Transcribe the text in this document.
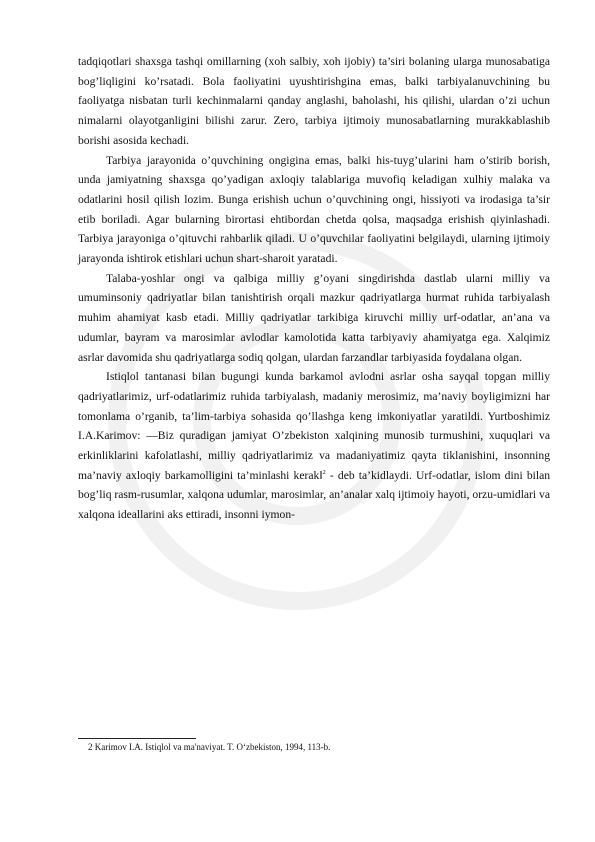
tadqiqotlari shaxsga tashqi omillarning (xoh salbiy, xoh ijobiy) ta’siri bolaning ularga munosabatiga bog’liqligini ko’rsatadi. Bola faoliyatini uyushtirishgina emas, balki tarbiyalanuvchining bu faoliyatga nisbatan turli kechinmalarni qanday anglashi, baholashi, his qilishi, ulardan o’zi uchun nimalarni olayotganligini bilishi zarur. Zero, tarbiya ijtimoiy munosabatlarning murakkablashib borishi asosida kechadi.

Tarbiya jarayonida o’quvchining ongigina emas, balki his-tuyg’ularini ham o’stirib borish, unda jamiyatning shaxsga qo’yadigan axloqiy talablariga muvofiq keladigan xulhiy malaka va odatlarini hosil qilish lozim. Bunga erishish uchun o’quvchining ongi, hissiyoti va irodasiga ta’sir etib boriladi. Agar bularning birortasi ehtibordan chetda qolsa, maqsadga erishish qiyinlashadi. Tarbiya jarayoniga o’qituvchi rahbarlik qiladi. U o’quvchilar faoliyatini belgilaydi, ularning ijtimoiy jarayonda ishtirok etishlari uchun shart-sharoit yaratadi.

Talaba-yoshlar ongi va qalbiga milliy g’oyani singdirishda dastlab ularni milliy va umuminsoniy qadriyatlar bilan tanishtirish orqali mazkur qadriyatlarga hurmat ruhida tarbiyalash muhim ahamiyat kasb etadi. Milliy qadriyatlar tarkibiga kiruvchi milliy urf-odatlar, an’ana va udumlar, bayram va marosimlar avlodlar kamolotida katta tarbiyaviy ahamiyatga ega. Xalqimiz asrlar davomida shu qadriyatlarga sodiq qolgan, ulardan farzandlar tarbiyasida foydalana olgan.

Istiqlol tantanasi bilan bugungi kunda barkamol avlodni asrlar osha sayqal topgan milliy qadriyatlarimiz, urf-odatlarimiz ruhida tarbiyalash, madaniy merosimiz, ma’naviy boyligimizni har tomonlama o’rganib, ta’lim-tarbiya sohasida qo’llashga keng imkoniyatlar yaratildi. Yurtboshimiz I.A.Karimov: ―Biz quradigan jamiyat O’zbekiston xalqining munosib turmushini, xuquqlari va erkinliklarini kafolatlashi, milliy qadriyatlarimiz va madaniyatimiz qayta tiklanishini, insonning ma’naviy axloqiy barkamolligini ta’minlashi kerak‖$^2$ - deb ta’kidlaydi. Urf-odatlar, islom dini bilan bog’liq rasm-rusumlar, xalqona udumlar, marosimlar, an’analar xalq ijtimoiy hayoti, orzu-umidlari va xalqona ideallarini aks ettiradi, insonni iymon-

2 Karimov I.A. Istiqlol va ma'naviyat. T. O‘zbekiston, 1994, 113-b.
